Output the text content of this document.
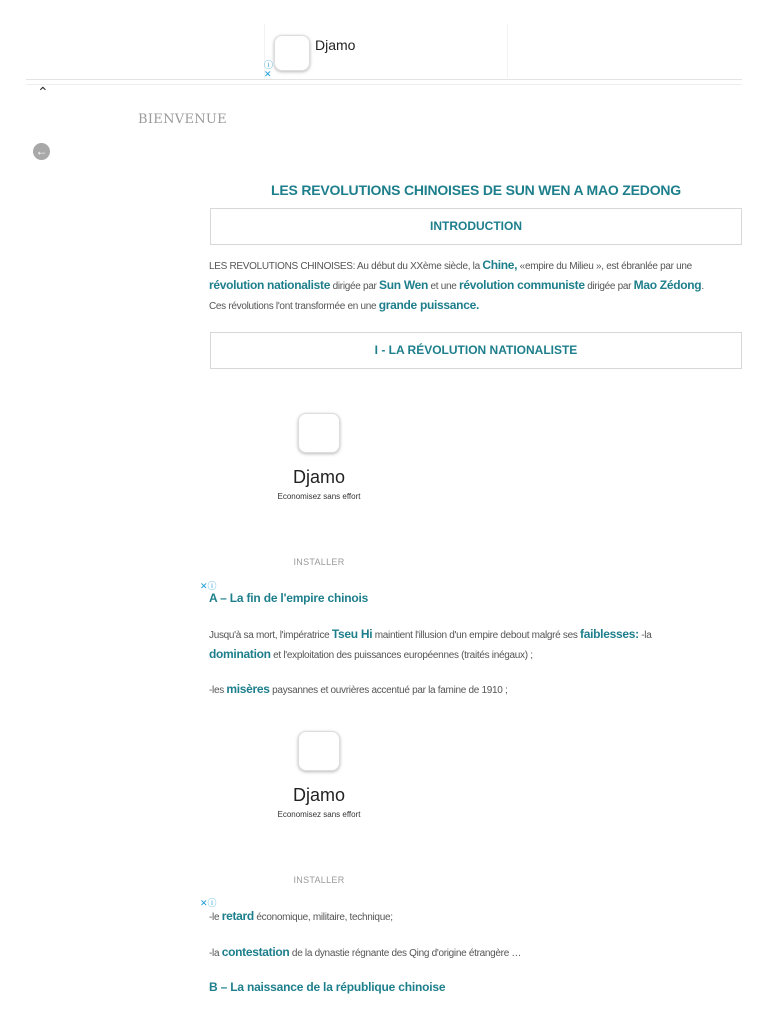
Djamo
ⓘ
✕
⌃
BIENVENUE
←
LES REVOLUTIONS CHINOISES DE SUN WEN A MAO ZEDONG
INTRODUCTION
LES REVOLUTIONS CHINOISES: Au début du XXème siècle, la Chine, «empire du Milieu », est ébranlée par une révolution nationaliste dirigée par Sun Wen et une révolution communiste dirigée par Mao Zédong. Ces révolutions l'ont transformée en une grande puissance.
I - LA RÉVOLUTION NATIONALISTE
Djamo
Economisez sans effort
INSTALLER
✕ⓘ
A – La fin de l'empire chinois
Jusqu'à sa mort, l'impératrice Tseu Hi maintient l'illusion d'un empire debout malgré ses faiblesses: -la domination et l'exploitation des puissances européennes (traités inégaux) ;
-les misères paysannes et ouvrières accentué par la famine de 1910 ;
Djamo
Economisez sans effort
INSTALLER
✕ⓘ
-le retard économique, militaire, technique;
-la contestation de la dynastie régnante des Qing d'origine étrangère …
B – La naissance de la république chinoise
